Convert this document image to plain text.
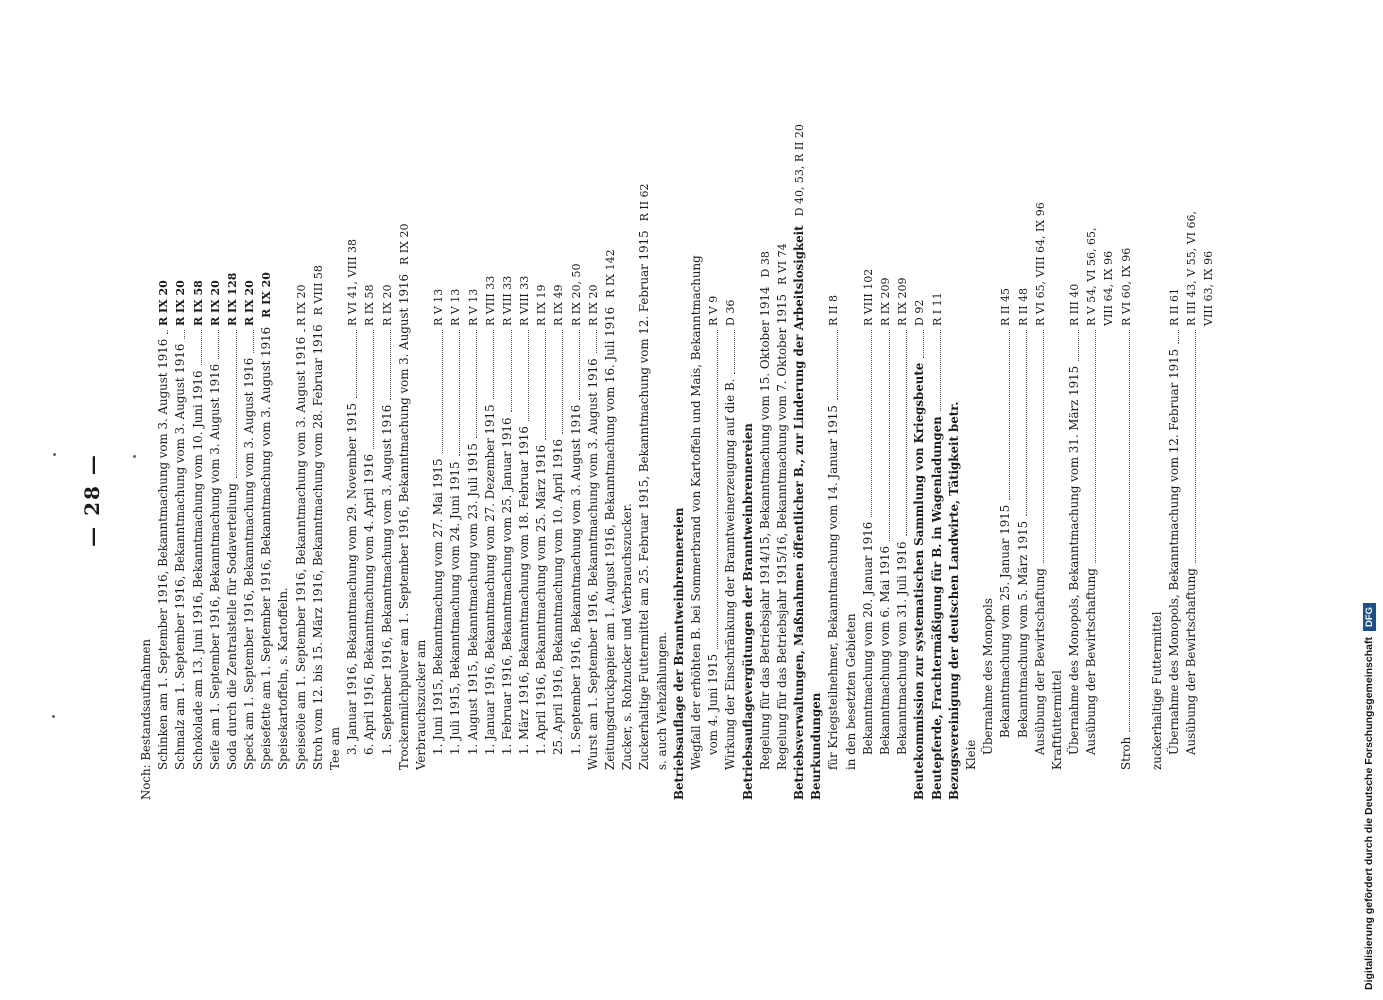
— 28 —
Noch: Bestandsaufnahmen Schinken am 1. September 1916, Bekanntmachung vom 3. August 1916
R IX 20
Schmalz am 1. September 1916, Bekanntmachung vom 3. August 1916
R IX 20
Schokolade am 13. Juni 1916, Bekanntmachung vom 10. Juni 1916
R IX 58
Seife am 1. September 1916, Bekanntmachung vom 3. August 1916
R IX 20
Soda durch die Zentralstelle für Sodaverteilung
R IX 128
Speck am 1. September 1916, Bekanntmachung vom 3. August 1916
R IX 20
Speisefette am 1. September 1916, Bekanntmachung vom 3. August 1916
R IX 20
Speisekartoffeln, s. Kartoffeln. Speiseöle am 1. September 1916, Bekanntmachung vom 3. August 1916
R IX 20
Stroh vom 12. bis 15. März 1916, Bekanntmachung vom 28. Februar 1916
R VIII 58
Tee am 3. Januar 1916, Bekanntmachung vom 29. November 1915
R VI 41, VIII 38
6. April 1916, Bekanntmachung vom 4. April 1916
R IX 58
1. September 1916, Bekanntmachung vom 3. August 1916
R IX 20 Trockenmilchpulver am 1. September 1916, Bekanntmachung vom 3. August 1916
R IX 20
Verbrauchszucker am 1. Juni 1915, Bekanntmachung vom 27. Mai 1915
R V 13
1. Juli 1915, Bekanntmachung vom 24. Juni 1915
R V 13
1. August 1915, Bekanntmachung vom 23. Juli 1915
R V 13
1. Januar 1916, Bekanntmachung vom 27. Dezember 1915
R VIII 33
1. Februar 1916, Bekanntmachung vom 25. Januar 1916
R VIII 33
1. März 1916, Bekanntmachung vom 18. Februar 1916
R VIII 33
1. April 1916, Bekanntmachung vom 25. März 1916
R IX 19
25. April 1916, Bekanntmachung vom 10. April 1916
R IX 49
1. September 1916, Bekanntmachung vom 3. August 1916
R IX 20, 50
Wurst am 1. September 1916, Bekanntmachung vom 3. August 1916
R IX 20
Zeitungsdruckpapier am 1. August 1916, Bekanntmachung vom 16. Juli 1916
R IX 142
Zucker, s. Rohzucker und Verbrauchszucker. Zuckerhaltige Futtermittel am 25. Februar 1915, Bekanntmachung vom 12. Februar 1915
R II 62
s. auch Viehzählungen. Betriebsauflage der Branntweinbrennereien Wegfall der erhöhten B. bei Sommerbrand von Kartoffeln und Mais, Bekanntmachung vom 4. Juni 1915
R V 9
Wirkung der Einschränkung der Branntweinerzeugung auf die B.
D 36
Betriebsauflagevergütungen der Branntweinbrennereien Regelung für das Betriebsjahr 1914/15, Bekanntmachung vom 15. Oktober 1914
D 38
Regelung für das Betriebsjahr 1915/16, Bekanntmachung vom 7. Oktober 1915
R VI 74 Betriebsverwaltungen, Maßnahmen öffentlicher B., zur Linderung der Arbeitslosigkeit
D 40, 53, R II 20
Beurkundungen für Kriegsteilnehmer, Bekanntmachung vom 14. Januar 1915
R II 8
in den besetzten Gebieten Bekanntmachung vom 20. Januar 1916
R VIII 102
Bekanntmachung vom 6. Mai 1916
R IX 209
Bekanntmachung vom 31. Juli 1916
R IX 209
Beutekommission zur systematischen Sammlung von Kriegsbeute
D 92
Beutepferde, Frachtermäßigung für B. in Wagenladungen
R I 11
Bezugsvereinigung der deutschen Landwirte, Tätigkeit betr. Kleie Übernahme des Monopols Bekanntmachung vom 25. Januar 1915
R II 45
Bekanntmachung vom 5. März 1915
R II 48
Ausübung der Bewirtschaftung
R VI 65, VIII 64, IX 96
Kraftfuttermittel Übernahme des Monopols, Bekanntmachung vom 31. März 1915
R III 40
Ausübung der Bewirtschaftung
R V 54, VI 56, 65, VIII 64, IX 96
Stroh
R VI 60, IX 96
zuckerhaltige Futtermittel Übernahme des Monopols, Bekanntmachung vom 12. Februar 1915
R II 61
Ausübung der Bewirtschaftung
R III 43, V 55, VI 66, VIII 63, IX 96
Digitalisierung gefördert durch die Deutsche Forschungsgemeinschaft
DFG
